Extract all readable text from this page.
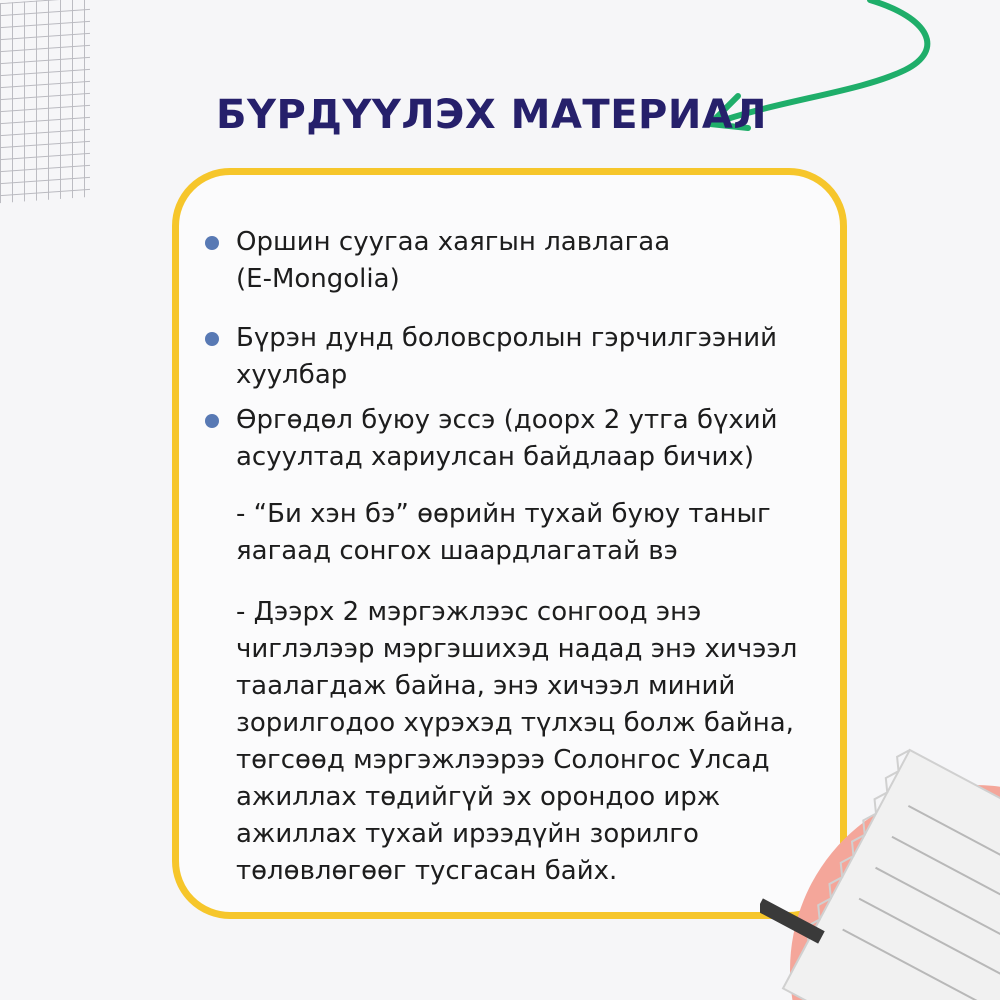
БҮРДҮҮЛЭХ МАТЕРИАЛ
Оршин суугаа хаягын лавлагаа
(E-Mongolia)
Бүрэн дунд боловсролын гэрчилгээний
хуулбар
Өргөдөл буюу эссэ (доорх 2 утга бүхий
асуултад хариулсан байдлаар бичих)
- “Би хэн бэ” өөрийн тухай буюу таныг
яагаад сонгох шаардлагатай вэ
- Дээрх 2 мэргэжлээс сонгоод энэ
чиглэлээр мэргэшихэд надад энэ хичээл
таалагдаж байна, энэ хичээл миний
зорилгодоо хүрэхэд түлхэц болж байна,
төгсөөд мэргэжлээрээ Солонгос Улсад
ажиллах төдийгүй эх орондоо ирж
ажиллах тухай ирээдүйн зорилго
төлөвлөгөөг тусгасан байх.
